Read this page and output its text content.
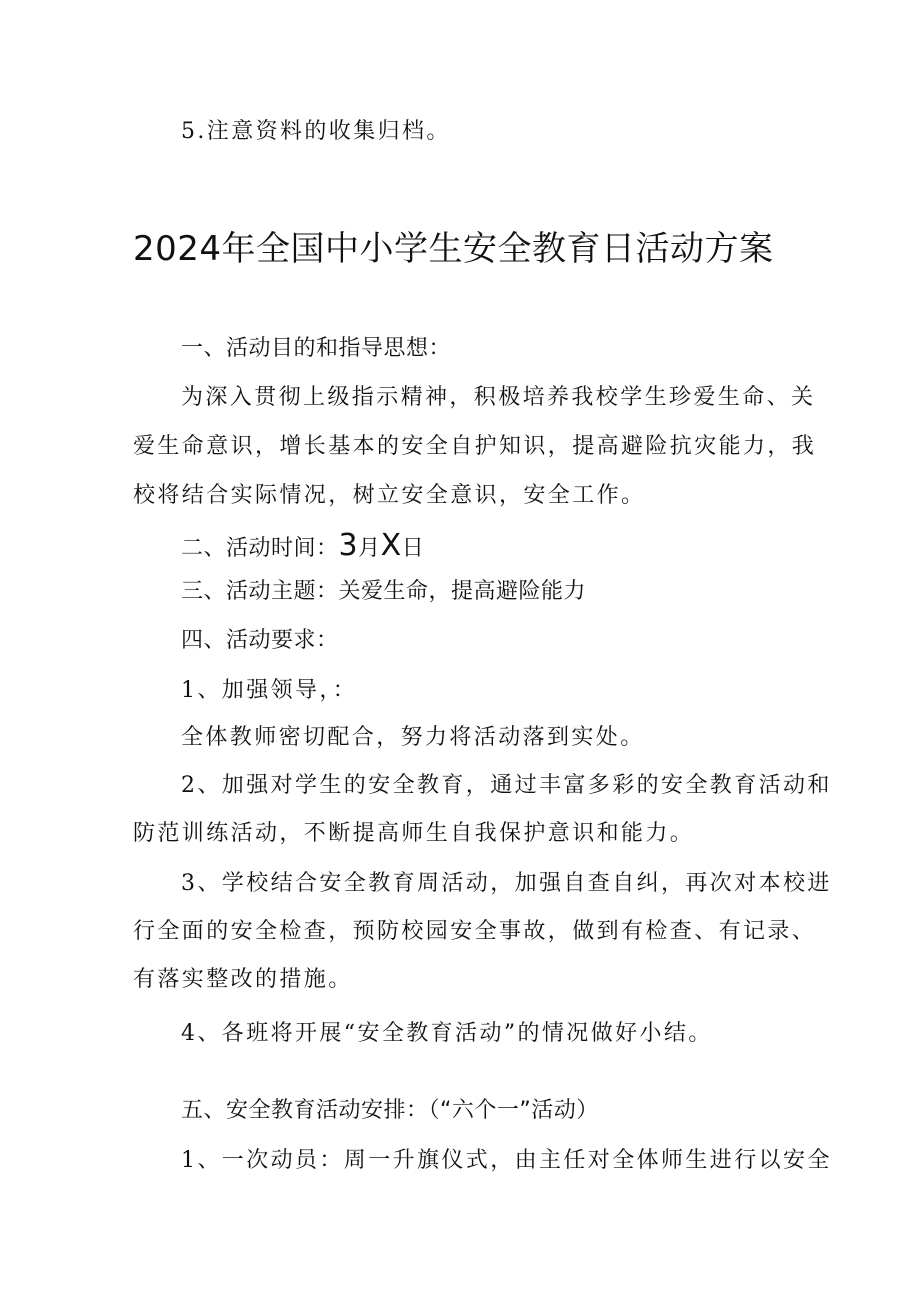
5.注意资料的收集归档。
2024年全国中小学生安全教育日活动方案
一、活动目的和指导思想：
为深入贯彻上级指示精神，积极培养我校学生珍爱生命、关
爱生命意识，增长基本的安全自护知识，提高避险抗灾能力，我
校将结合实际情况，树立安全意识，安全工作。
二、活动时间：3月X日
三、活动主题：关爱生命，提高避险能力
四、活动要求：
1、加强领导，：
全体教师密切配合，努力将活动落到实处。
2、加强对学生的安全教育，通过丰富多彩的安全教育活动和
防范训练活动，不断提高师生自我保护意识和能力。
3、学校结合安全教育周活动，加强自查自纠，再次对本校进
行全面的安全检查，预防校园安全事故，做到有检查、有记录、
有落实整改的措施。
4、各班将开展“安全教育活动”的情况做好小结。
五、安全教育活动安排：（“六个一”活动）
1、一次动员：周一升旗仪式，由主任对全体师生进行以安全
